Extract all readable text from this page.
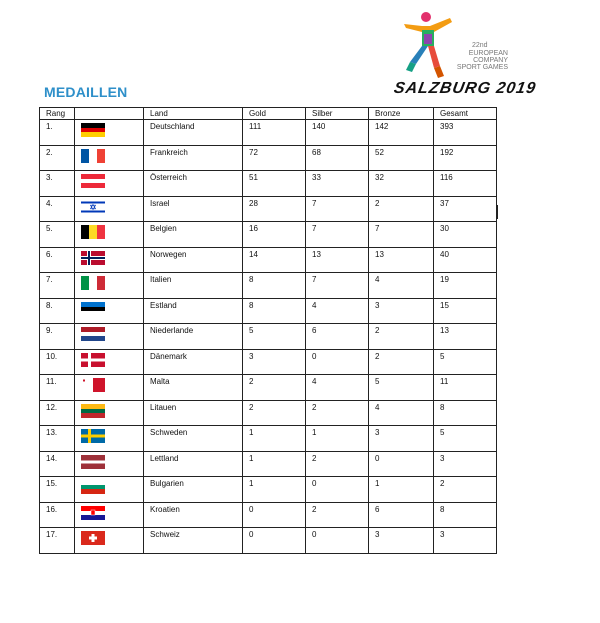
MEDAILLEN
22nd
EUROPEAN COMPANY SPORT GAMES
SALZBURG 2019
Rang		Land	Gold	Silber	Bronze	Gesamt
1.		Deutschland	111	140	142	393
2.		Frankreich	72	68	52	192
3.		Österreich	51	33	32	116
4.		Israel	28	7	2	37
5.		Belgien	16	7	7	30
6.		Norwegen	14	13	13	40
7.		Italien	8	7	4	19
8.		Estland	8	4	3	15
9.		Niederlande	5	6	2	13
10.		Dänemark	3	0	2	5
11.		Malta	2	4	5	11
12.		Litauen	2	2	4	8
13.		Schweden	1	1	3	5
14.		Lettland	1	2	0	3
15.		Bulgarien	1	0	1	2
16.		Kroatien	0	2	6	8
17.		Schweiz	0	0	3	3
